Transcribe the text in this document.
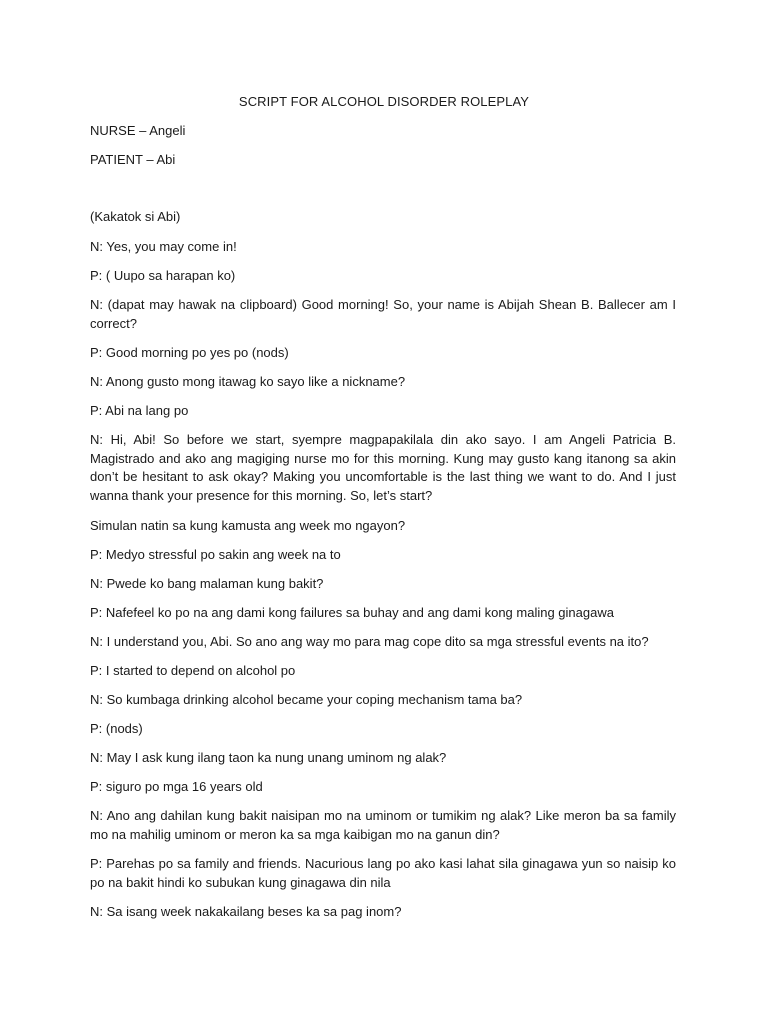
SCRIPT FOR ALCOHOL DISORDER ROLEPLAY

NURSE – Angeli

PATIENT – Abi

(Kakatok si Abi)

N: Yes, you may come in!

P: ( Uupo sa harapan ko)

N: (dapat may hawak na clipboard) Good morning! So, your name is Abijah Shean B. Ballecer am I correct?

P: Good morning po yes po (nods)

N: Anong gusto mong itawag ko sayo like a nickname?

P: Abi na lang po

N: Hi, Abi! So before we start, syempre magpapakilala din ako sayo. I am Angeli Patricia B. Magistrado and ako ang magiging nurse mo for this morning. Kung may gusto kang itanong sa akin don’t be hesitant to ask okay? Making you uncomfortable is the last thing we want to do. And I just wanna thank your presence for this morning. So, let’s start?

Simulan natin sa kung kamusta ang week mo ngayon?

P: Medyo stressful po sakin ang week na to

N: Pwede ko bang malaman kung bakit?

P: Nafefeel ko po na ang dami kong failures sa buhay and ang dami kong maling ginagawa

N: I understand you, Abi. So ano ang way mo para mag cope dito sa mga stressful events na ito?

P: I started to depend on alcohol po

N: So kumbaga drinking alcohol became your coping mechanism tama ba?

P: (nods)

N: May I ask kung ilang taon ka nung unang uminom ng alak?

P: siguro po mga 16 years old

N: Ano ang dahilan kung bakit naisipan mo na uminom or tumikim ng alak? Like meron ba sa family mo na mahilig uminom or meron ka sa mga kaibigan mo na ganun din?

P: Parehas po sa family and friends. Nacurious lang po ako kasi lahat sila ginagawa yun so naisip ko po na bakit hindi ko subukan kung ginagawa din nila

N: Sa isang week nakakailang beses ka sa pag inom?
